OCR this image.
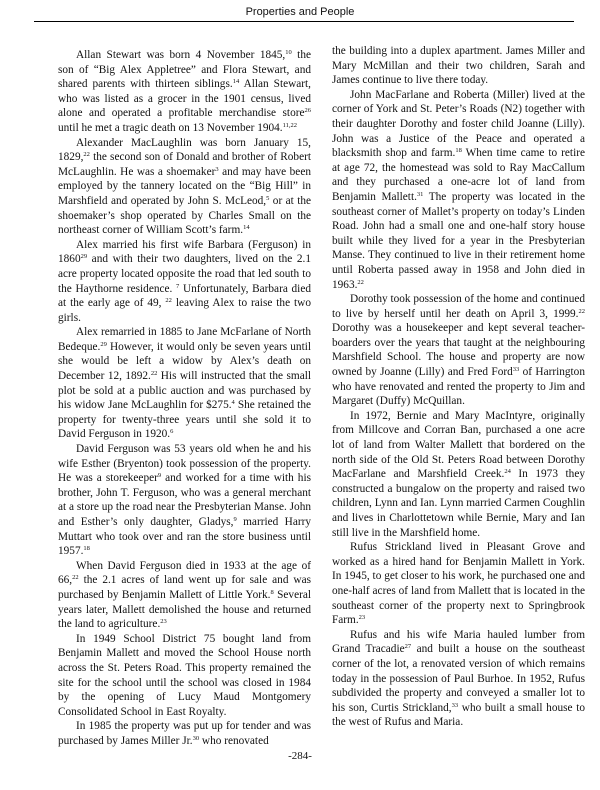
Properties and People

Allan Stewart was born 4 November 1845,10 the son of “Big Alex Appletree” and Flora Stewart, and shared parents with thirteen siblings.$^{14}$ Allan Stewart, who was listed as a grocer in the 1901 census, lived alone and operated a profitable merchandise store$^{26}$ until he met a tragic death on 13 November 1904.$^{11,22}$

Alexander MacLaughlin was born January 15, 1829,22 the second son of Donald and brother of Robert McLaughlin. He was a shoemaker$^3$ and may have been employed by the tannery located on the “Big Hill” in Marshfield and operated by John S. McLeod,$^5$ or at the shoemaker’s shop operated by Charles Small on the northeast corner of William Scott’s farm.$^{14}$

Alex married his first wife Barbara (Ferguson) in 1860$^{29}$ and with their two daughters, lived on the 2.1 acre property located opposite the road that led south to the Haythorne residence. $^7$ Unfortunately, Barbara died at the early age of 49, $^{22}$ leaving Alex to raise the two girls.

Alex remarried in 1885 to Jane McFarlane of North Bedeque.$^{29}$ However, it would only be seven years until she would be left a widow by Alex’s death on December 12, 1892.22 His will instructed that the small plot be sold at a public auction and was purchased by his widow Jane McLaughlin for $275.$^4$ She retained the property for twenty-three years until she sold it to David Ferguson in 1920.$^6$

David Ferguson was 53 years old when he and his wife Esther (Bryenton) took possession of the property. He was a storekeeper$^9$ and worked for a time with his brother, John T. Ferguson, who was a general merchant at a store up the road near the Presbyterian Manse. John and Esther’s only daughter, Gladys,$^9$ married Harry Muttart who took over and ran the store business until 1957.18

When David Ferguson died in 1933 at the age of 66,22 the 2.1 acres of land went up for sale and was purchased by Benjamin Mallett of Little York.$^8$ Several years later, Mallett demolished the house and returned the land to agriculture.$^{23}$

In 1949 School District 75 bought land from Benjamin Mallett and moved the School House north across the St. Peters Road. This property remained the site for the school until the school was closed in 1984 by the opening of Lucy Maud Montgomery Consolidated School in East Royalty.

In 1985 the property was put up for tender and was purchased by James Miller Jr.$^{30}$ who renovated

the building into a duplex apartment. James Miller and Mary McMillan and their two children, Sarah and James continue to live there today.

John MacFarlane and Roberta (Miller) lived at the corner of York and St. Peter’s Roads (N2) together with their daughter Dorothy and foster child Joanne (Lilly). John was a Justice of the Peace and operated a blacksmith shop and farm.$^{18}$ When time came to retire at age 72, the homestead was sold to Ray MacCallum and they purchased a one-acre lot of land from Benjamin Mallett.$^{31}$ The property was located in the southeast corner of Mallet’s property on today’s Linden Road. John had a small one and one-half story house built while they lived for a year in the Presbyterian Manse. They continued to live in their retirement home until Roberta passed away in 1958 and John died in 1963.22

Dorothy took possession of the home and continued to live by herself until her death on April 3, 1999.22 Dorothy was a housekeeper and kept several teacher-boarders over the years that taught at the neighbouring Marshfield School. The house and property are now owned by Joanne (Lilly) and Fred Ford$^{33}$ of Harrington who have renovated and rented the property to Jim and Margaret (Duffy) McQuillan.

In 1972, Bernie and Mary MacIntyre, originally from Millcove and Corran Ban, purchased a one acre lot of land from Walter Mallett that bordered on the north side of the Old St. Peters Road between Dorothy MacFarlane and Marshfield Creek.$^{24}$ In 1973 they constructed a bungalow on the property and raised two children, Lynn and Ian. Lynn married Carmen Coughlin and lives in Charlottetown while Bernie, Mary and Ian still live in the Marshfield home.

Rufus Strickland lived in Pleasant Grove and worked as a hired hand for Benjamin Mallett in York. In 1945, to get closer to his work, he purchased one and one-half acres of land from Mallett that is located in the southeast corner of the property next to Springbrook Farm.$^{23}$

Rufus and his wife Maria hauled lumber from Grand Tracadie$^{27}$ and built a house on the southeast corner of the lot, a renovated version of which remains today in the possession of Paul Burhoe. In 1952, Rufus subdivided the property and conveyed a smaller lot to his son, Curtis Strickland,$^{33}$ who built a small house to the west of Rufus and Maria.

-284-
